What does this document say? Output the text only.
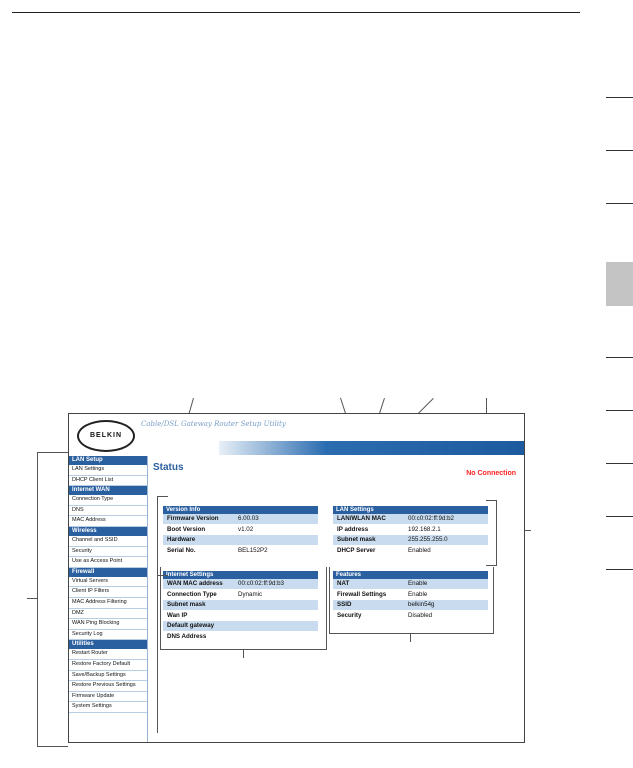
BELKIN
Cable/DSL Gateway Router Setup Utility
Home | Help | Login Internet Status: No Connection
LAN Setup
LAN Settings
DHCP Client List
Internet WAN
Connection Type
DNS
MAC Address
Wireless
Channel and SSID
Security
Use as Access Point
Firewall
Virtual Servers
Client IP Filters
MAC Address Filtering
DMZ
WAN Ping Blocking
Security Log
Utilities
Restart Router
Restore Factory Default
Save/Backup Settings
Restore Previous Settings
Firmware Update
System Settings
Status
Version Info
Firmware Version	6.00.03
Boot Version	v1.02
Hardware
Serial No.	BEL152P2
LAN Settings
LAN/WLAN MAC	00:c0:02:ff:9d:b2
IP address	192.168.2.1
Subnet mask	255.255.255.0
DHCP Server	Enabled
Internet Settings
WAN MAC address 00:c0:02:ff:9d:b3
Connection Type	Dynamic
Subnet mask
Wan IP
Default gateway
DNS Address
Features
NAT	Enable
Firewall Settings	Enable
SSID	belkin54g
Security	Disabled
